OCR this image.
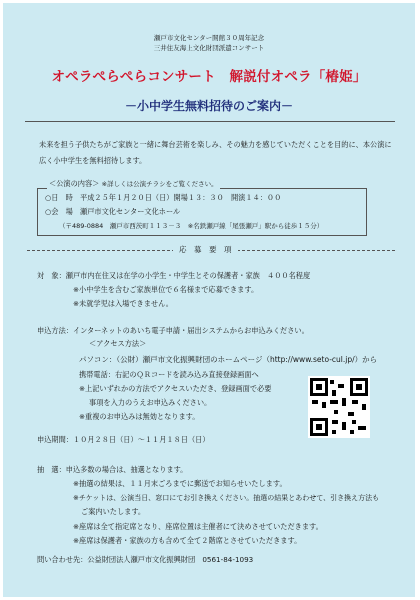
瀬戸市文化センター開館３０周年記念
三井住友海上文化財団派遣コンサート
オペラぺらぺらコンサート　解説付オペラ「椿姫」
－小中学生無料招待のご案内－
未来を担う子供たちがご家族と一緒に舞台芸術を楽しみ、その魅力を感じていただくことを目的に、本公演に
広く小中学生を無料招待します。
＜公演の内容＞ ※詳しくは公演チラシをご覧ください。
○日　時　平成２５年１月２０日（日）開場１３：３０　開演１４：００
○会　場　瀬戸市文化センター文化ホール
（〒489-0884　瀬戸市西茨町１１３－３　※名鉄瀬戸線「尾張瀬戸」駅から徒歩１５分）
応　募　要　項
対　象：瀬戸市内在住又は在学の小学生・中学生とその保護者・家族　４００名程度
※小中学生を含むご家族単位で６名様まで応募できます。
※未就学児は入場できません。
申込方法：インターネットのあいち電子申請・届出システムからお申込みください。
＜アクセス方法＞
パソコン：（公財）瀬戸市文化振興財団のホームページ（http://www.seto-cul.jp/）から
携帯電話：右記のＱＲコードを読み込み直接登録画面へ
※上記いずれかの方法でアクセスいただき、登録画面で必要
事項を入力のうえお申込みください。
※重複のお申込みは無効となります。
申込期間：１０月２８日（日）～１１月１８日（日）
抽　選：申込多数の場合は、抽選となります。
※抽選の結果は、１１月末ごろまでに郵送でお知らせいたします。
※チケットは、公演当日、窓口にてお引き換えください。抽選の結果とあわせて、引き換え方法も
ご案内いたします。
※座席は全て指定席となり、座席位置は主催者にて決めさせていただきます。
※座席は保護者・家族の方も含めて全て２階席とさせていただきます。
問い合わせ先：公益財団法人瀬戸市文化振興財団　0561-84-1093
